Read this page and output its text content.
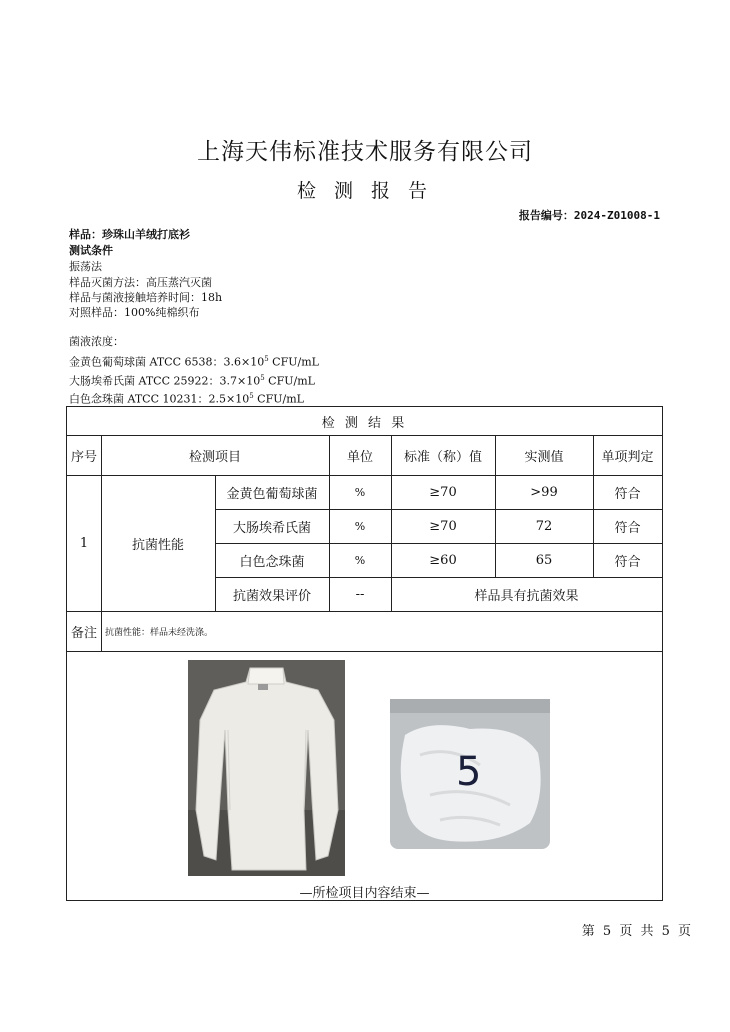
上海天伟标准技术服务有限公司
检 测 报 告
报告编号：2024-Z01008-1
样品：珍珠山羊绒打底衫
测试条件
振荡法
样品灭菌方法：高压蒸汽灭菌
样品与菌液接触培养时间：18h
对照样品：100%纯棉织布
菌液浓度：
金黄色葡萄球菌 ATCC 6538：$3.6\times 10^5$ CFU/mL
大肠埃希氏菌 ATCC 25922：$3.7\times 10^5$ CFU/mL
白色念珠菌 ATCC 10231：$2.5\times 10^5$ CFU/mL
检 测 结 果
序号	检测项目	单位	标准（称）值	实测值	单项判定
1	抗菌性能
金黄色葡萄球菌	%	≥70	>99	符合
大肠埃希氏菌	%	≥70	72	符合
白色念珠菌	%	≥60	65	符合
抗菌效果评价	--	样品具有抗菌效果
备注 抗菌性能：样品未经洗涤。
5
—所检项目内容结束—
第 5 页 共 5 页
